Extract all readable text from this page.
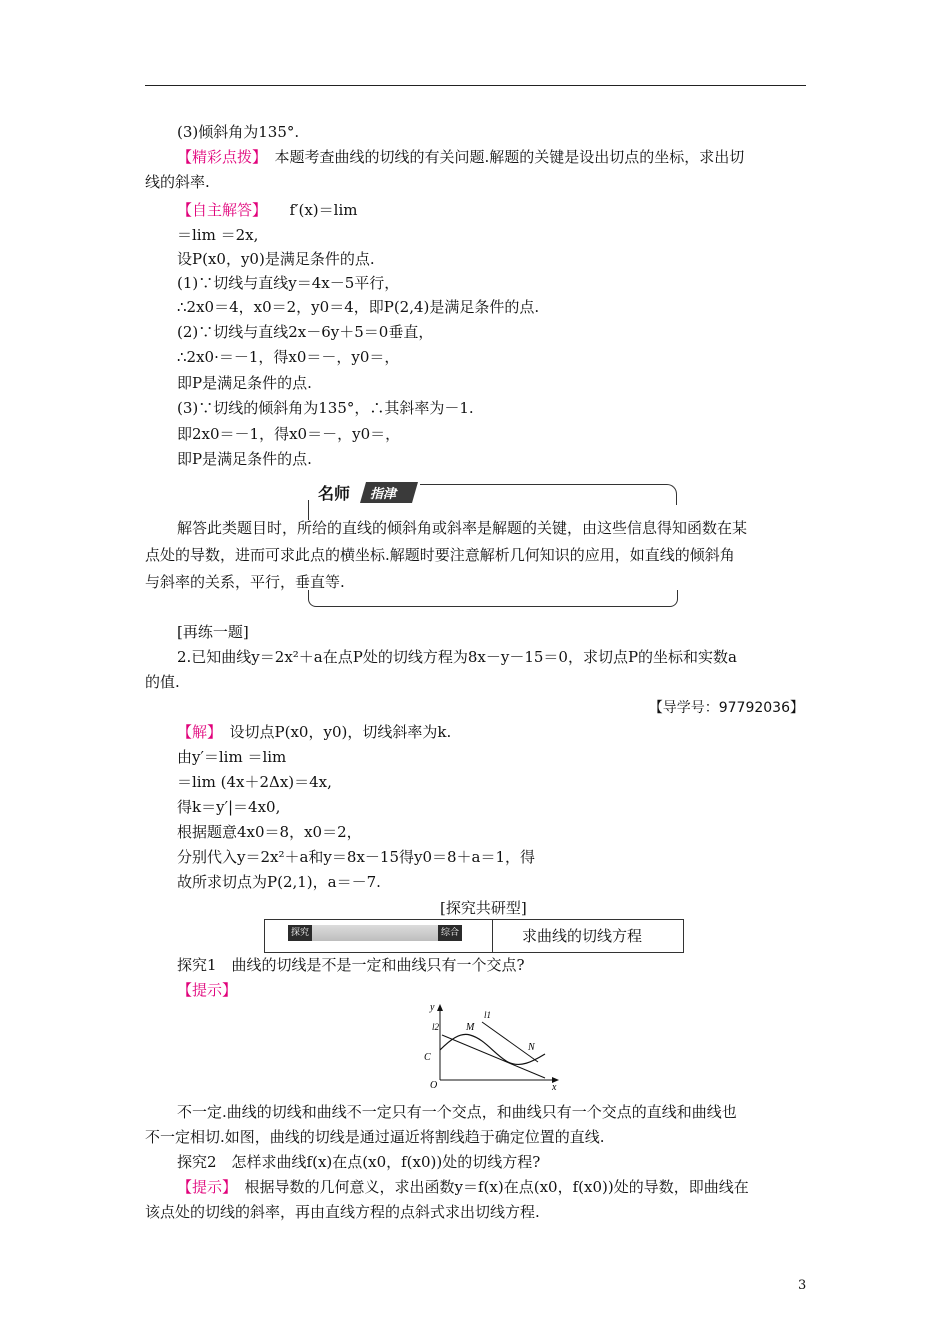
(3)倾斜角为135°.
【精彩点拨】　 本题考查曲线的切线的有关问题.解题的关键是设出切点的坐标，求出切
线的斜率.
【自主解答】　　 f′(x)＝lim
＝lim ＝2x,
设P(x0，y0)是满足条件的点.
(1)∵切线与直线y＝4x－5平行，
∴2x0＝4，x0＝2，y0＝4，即P(2,4)是满足条件的点.
(2)∵切线与直线2x－6y＋5＝0垂直，
∴2x0·＝－1，得x0＝－，y0＝，
即P是满足条件的点.
(3)∵切线的倾斜角为135°，∴其斜率为－1.
即2x0＝－1，得x0＝－，y0＝，
即P是满足条件的点.
名师 指津
解答此类题目时，所给的直线的倾斜角或斜率是解题的关键，由这些信息得知函数在某
点处的导数，进而可求此点的横坐标.解题时要注意解析几何知识的应用，如直线的倾斜角
与斜率的关系，平行，垂直等.
[再练一题]
2.已知曲线y＝2x²＋a在点P处的切线方程为8x－y－15＝0，求切点P的坐标和实数a
的值.
【导学号：97792036】
【解】　 设切点P(x0，y0)，切线斜率为k.
由y′＝lim ＝lim
＝lim (4x＋2Δx)＝4x,
得k＝y′|＝4x0,
根据题意4x0＝8，x0＝2，
分别代入y＝2x²＋a和y＝8x－15得y0＝8＋a＝1，得
故所求切点为P(2,1)，a＝－7.
[探究共研型]
探究点
综合类
求曲线的切线方程
探究1　曲线的切线是不是一定和曲线只有一个交点?
【提示】
y
x
O
C
M
N
l1
l2
不一定.曲线的切线和曲线不一定只有一个交点，和曲线只有一个交点的直线和曲线也
不一定相切.如图，曲线的切线是通过逼近将割线趋于确定位置的直线.
探究2　怎样求曲线f(x)在点(x0，f(x0))处的切线方程?
【提示】　 根据导数的几何意义，求出函数y＝f(x)在点(x0，f(x0))处的导数，即曲线在
该点处的切线的斜率，再由直线方程的点斜式求出切线方程.
3
